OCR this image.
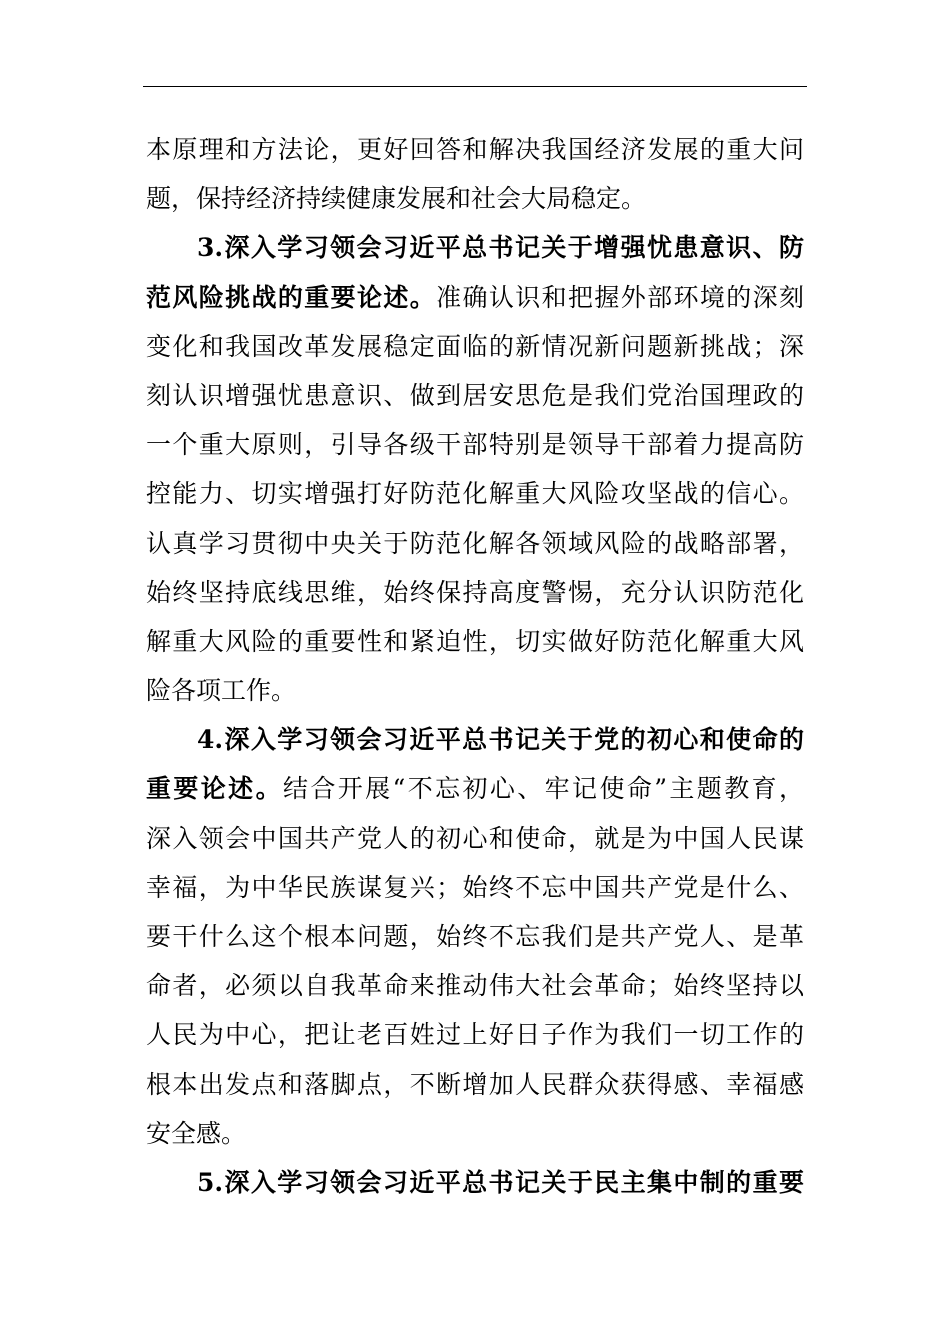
本原理和方法论，更好回答和解决我国经济发展的重大问
题，保持经济持续健康发展和社会大局稳定。
3.深入学习领会习近平总书记关于增强忧患意识、防
范风险挑战的重要论述。准确认识和把握外部环境的深刻
变化和我国改革发展稳定面临的新情况新问题新挑战；深
刻认识增强忧患意识、做到居安思危是我们党治国理政的
一个重大原则，引导各级干部特别是领导干部着力提高防
控能力、切实增强打好防范化解重大风险攻坚战的信心。
认真学习贯彻中央关于防范化解各领域风险的战略部署，
始终坚持底线思维，始终保持高度警惕，充分认识防范化
解重大风险的重要性和紧迫性，切实做好防范化解重大风
险各项工作。
4.深入学习领会习近平总书记关于党的初心和使命的
重要论述。结合开展“不忘初心、牢记使命”主题教育，
深入领会中国共产党人的初心和使命，就是为中国人民谋
幸福，为中华民族谋复兴；始终不忘中国共产党是什么、
要干什么这个根本问题，始终不忘我们是共产党人、是革
命者，必须以自我革命来推动伟大社会革命；始终坚持以
人民为中心，把让老百姓过上好日子作为我们一切工作的
根本出发点和落脚点，不断增加人民群众获得感、幸福感
安全感。
5.深入学习领会习近平总书记关于民主集中制的重要
